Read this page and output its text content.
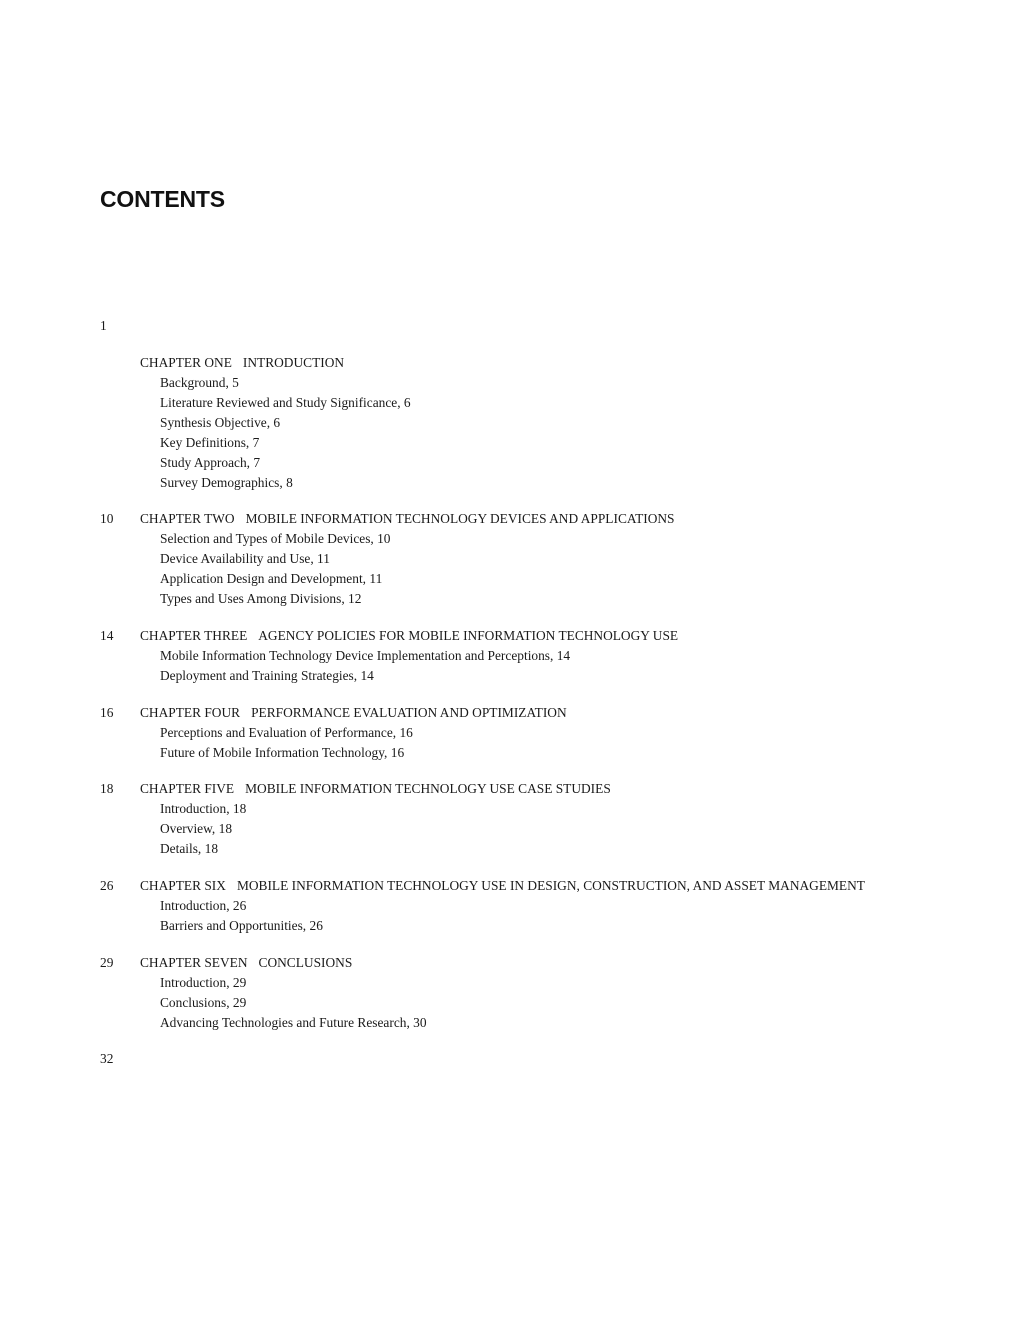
CONTENTS
1
CHAPTER ONE INTRODUCTION
Background, 5
Literature Reviewed and Study Significance, 6
Synthesis Objective, 6
Key Definitions, 7
Study Approach, 7
Survey Demographics, 8
10 CHAPTER TWO MOBILE INFORMATION TECHNOLOGY DEVICES AND APPLICATIONS
Selection and Types of Mobile Devices, 10
Device Availability and Use, 11
Application Design and Development, 11
Types and Uses Among Divisions, 12
14 CHAPTER THREE AGENCY POLICIES FOR MOBILE INFORMATION TECHNOLOGY USE
Mobile Information Technology Device Implementation and Perceptions, 14
Deployment and Training Strategies, 14
16 CHAPTER FOUR PERFORMANCE EVALUATION AND OPTIMIZATION
Perceptions and Evaluation of Performance, 16
Future of Mobile Information Technology, 16
18 CHAPTER FIVE MOBILE INFORMATION TECHNOLOGY USE CASE STUDIES
Introduction, 18
Overview, 18
Details, 18
26 CHAPTER SIX MOBILE INFORMATION TECHNOLOGY USE IN DESIGN, CONSTRUCTION, AND ASSET MANAGEMENT
Introduction, 26
Barriers and Opportunities, 26
29 CHAPTER SEVEN CONCLUSIONS
Introduction, 29
Conclusions, 29
Advancing Technologies and Future Research, 30
32
